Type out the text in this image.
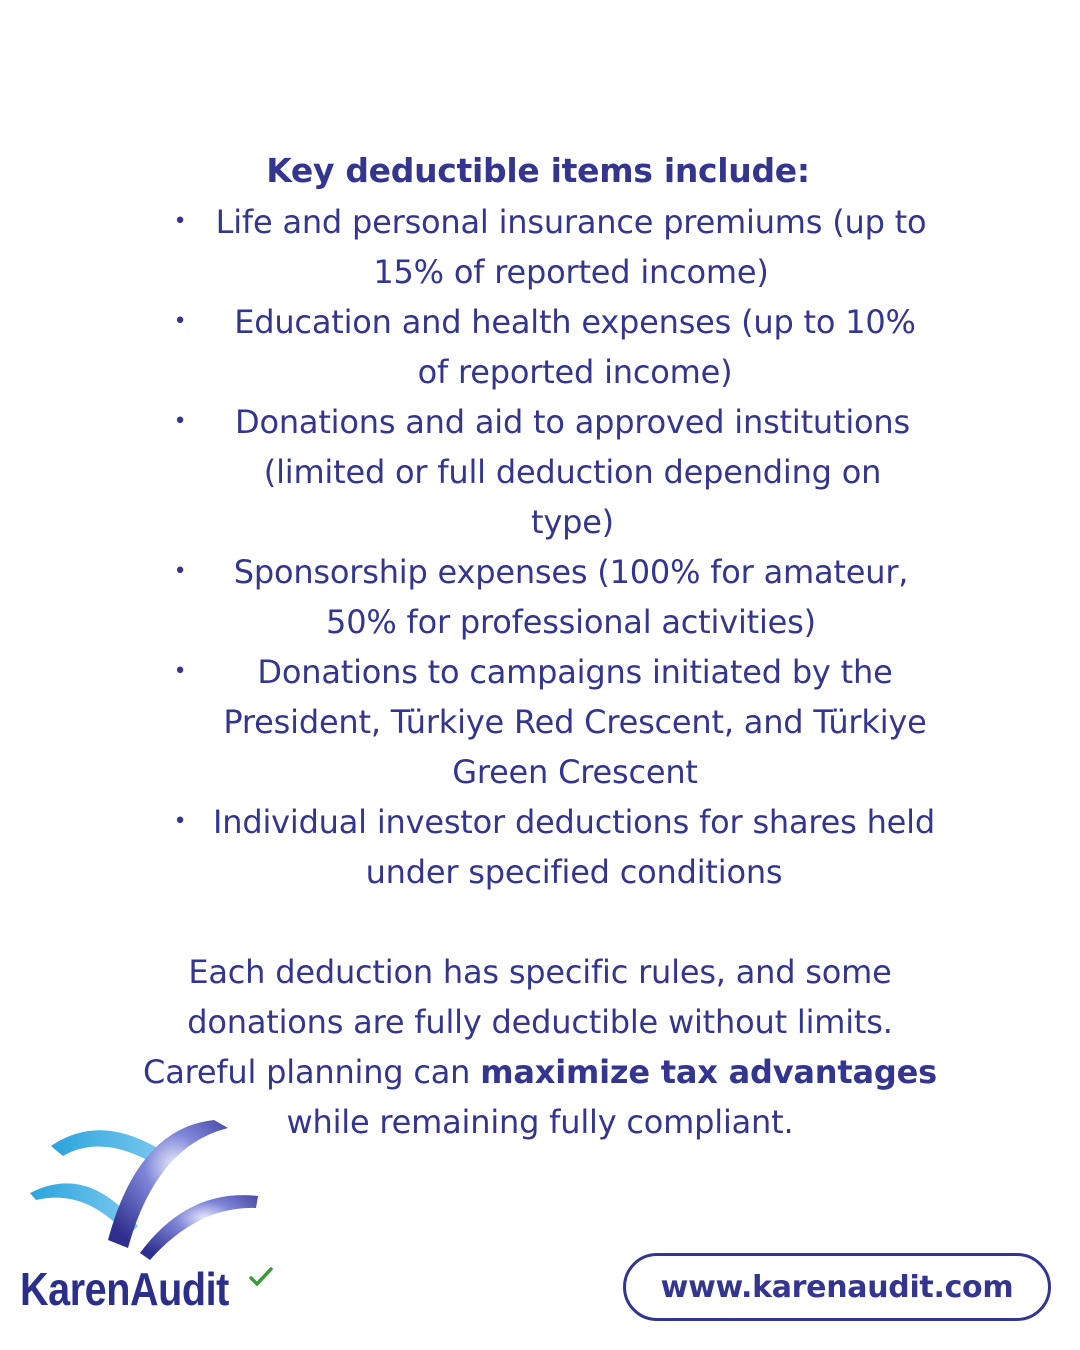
Key deductible items include:
• Life and personal insurance premiums (up to 15% of reported income)
•	Education and health expenses (up to 10% of reported income)
• Donations and aid to approved institutions (limited or full deduction depending on type)
•	Sponsorship expenses (100% for amateur, 50% for professional activities)
•	Donations to campaigns initiated by the President, Türkiye Red Crescent, and Türkiye Green Crescent
• Individual investor deductions for shares held under specified conditions
Each deduction has specific rules, and some donations are fully deductible without limits. Careful planning can maximize tax advantages while remaining fully compliant.
KarenAudit	www.karenaudit.com
